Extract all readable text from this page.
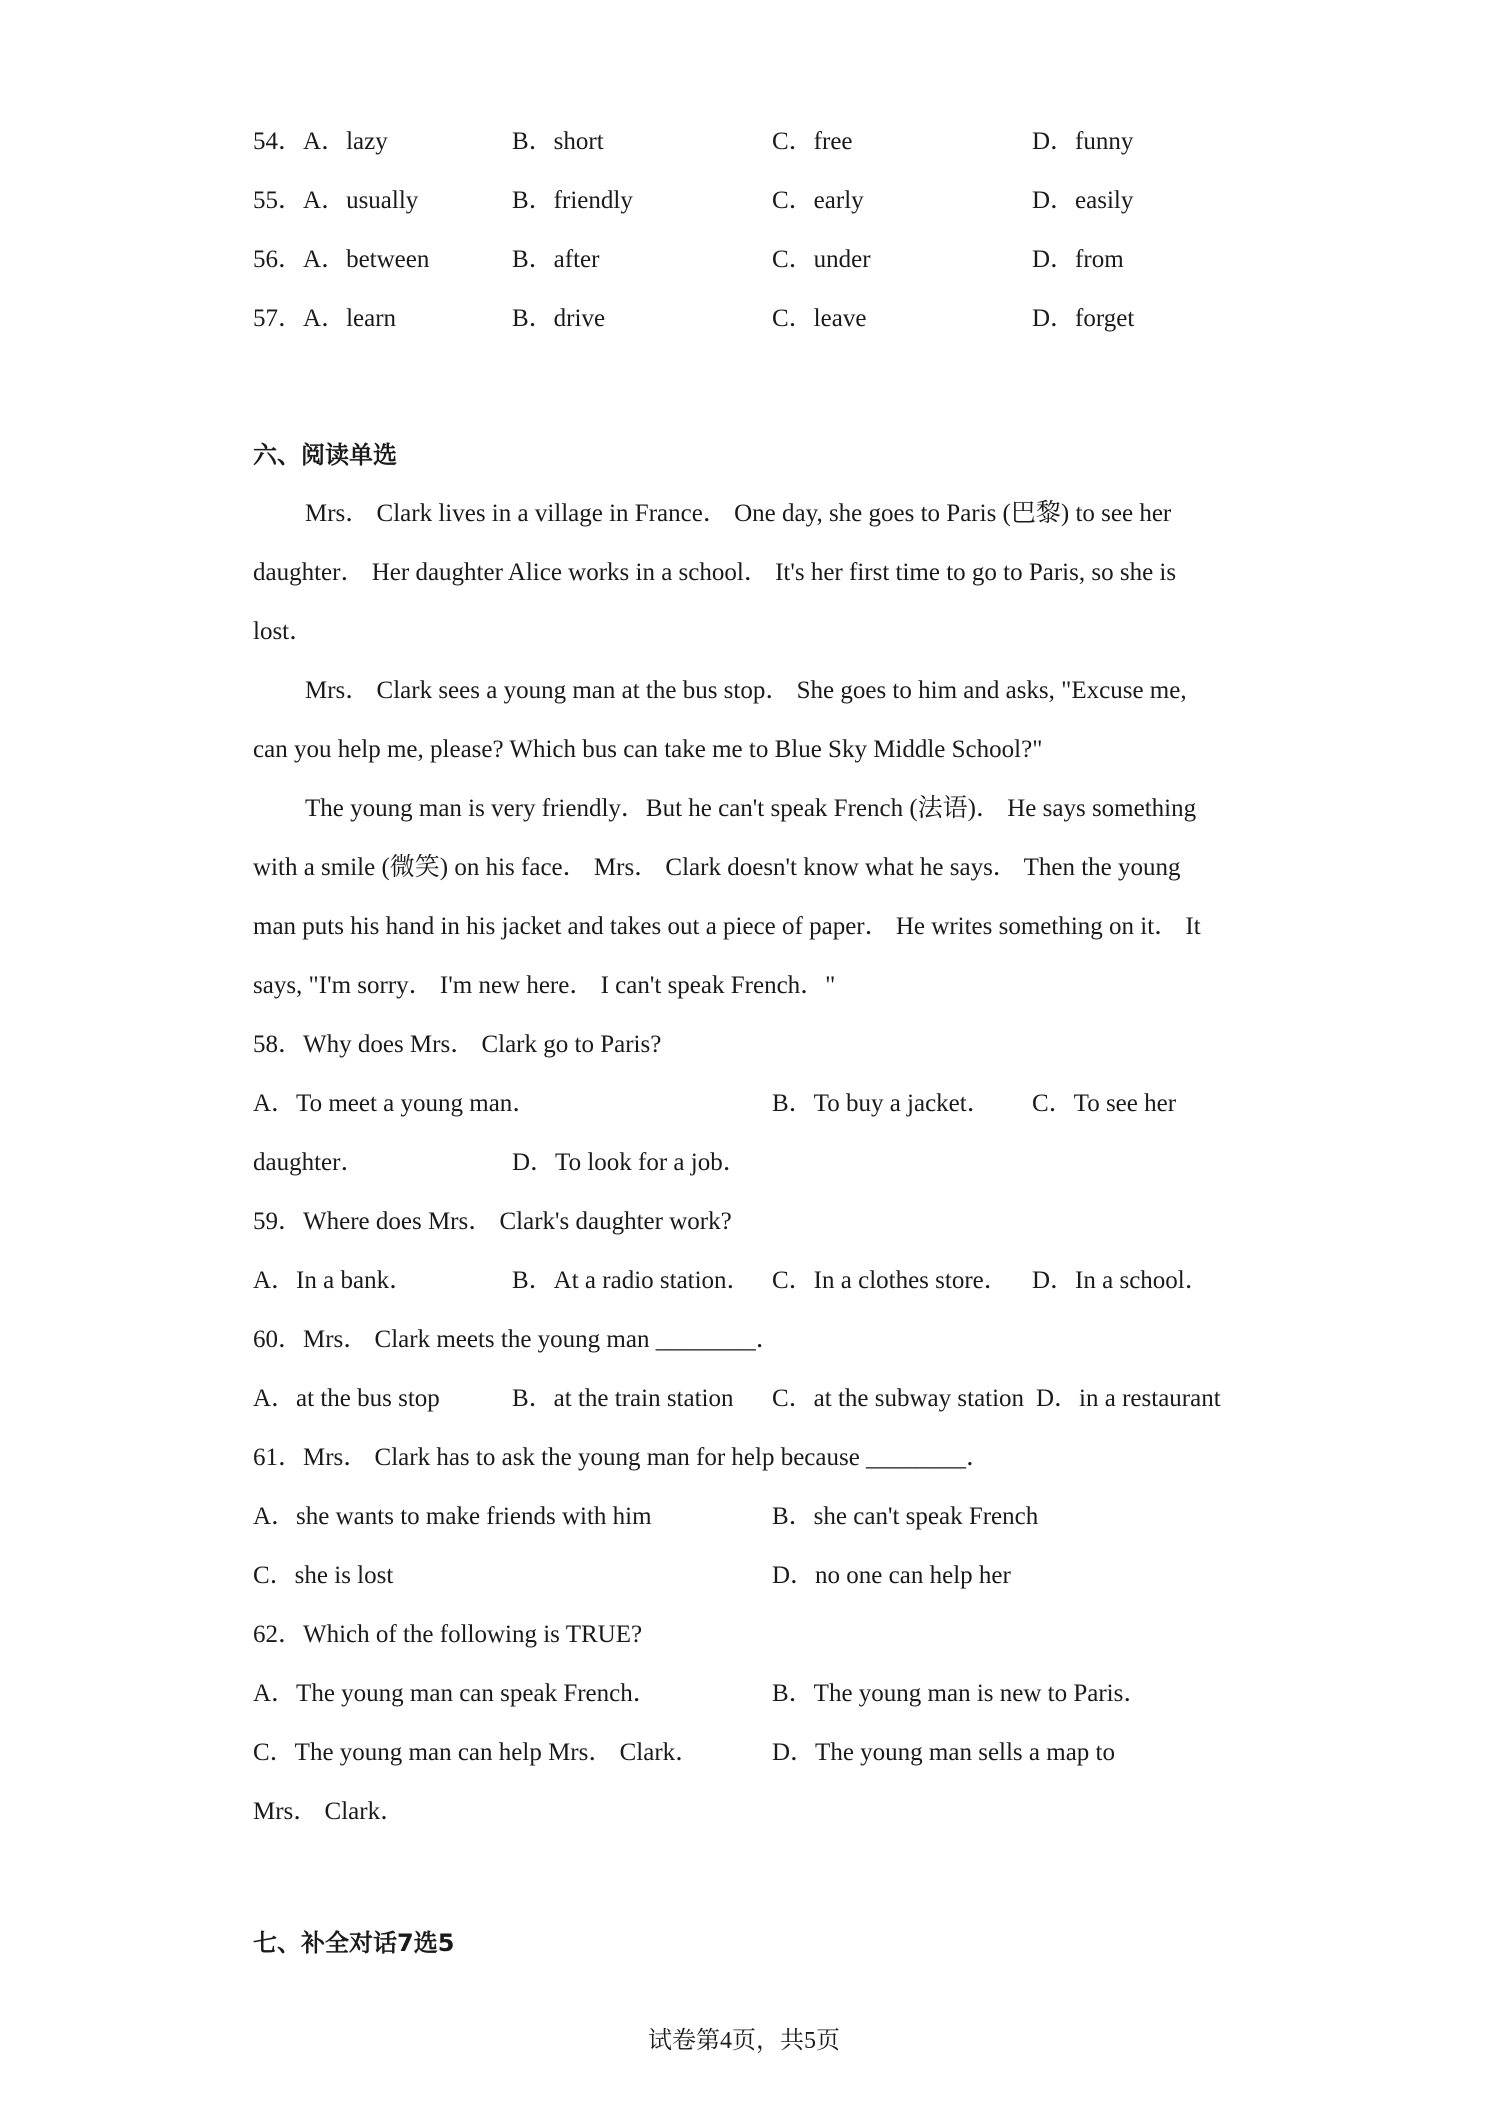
54．A．lazy	B．short	C．free	D．funny
55．A．usually	B．friendly	C．early	D．easily
56．A．between	B．after	C．under	D．from
57．A．learn	B．drive	C．leave	D．forget
六、阅读单选
Mrs． Clark lives in a village in France． One day, she goes to Paris (巴黎) to see her
daughter． Her daughter Alice works in a school． It's her first time to go to Paris, so she is
lost．
Mrs． Clark sees a young man at the bus stop． She goes to him and asks, "Excuse me,
can you help me, please? Which bus can take me to Blue Sky Middle School?"
The young man is very friendly．But he can't speak French (法语)． He says something
with a smile (微笑) on his face． Mrs． Clark doesn't know what he says． Then the young
man puts his hand in his jacket and takes out a piece of paper． He writes something on it． It
says, "I'm sorry． I'm new here． I can't speak French．"
58．Why does Mrs． Clark go to Paris?
A．To meet a young man．	B．To buy a jacket． C．To see her
daughter．	D．To look for a job．
59．Where does Mrs． Clark's daughter work?
A．In a bank．	B．At a radio station． C．In a clothes store． D．In a school．
60．Mrs． Clark meets the young man ________．
A．at the bus stop	B．at the train station C．at the subway station D．in a restaurant
61．Mrs． Clark has to ask the young man for help because ________．
A．she wants to make friends with him	B．she can't speak French
C．she is lost	D．no one can help her
62．Which of the following is TRUE?
A．The young man can speak French．	B．The young man is new to Paris．
C．The young man can help Mrs． Clark．	D．The young man sells a map to
Mrs． Clark．
七、补全对话7选5
试卷第4页，共5页
